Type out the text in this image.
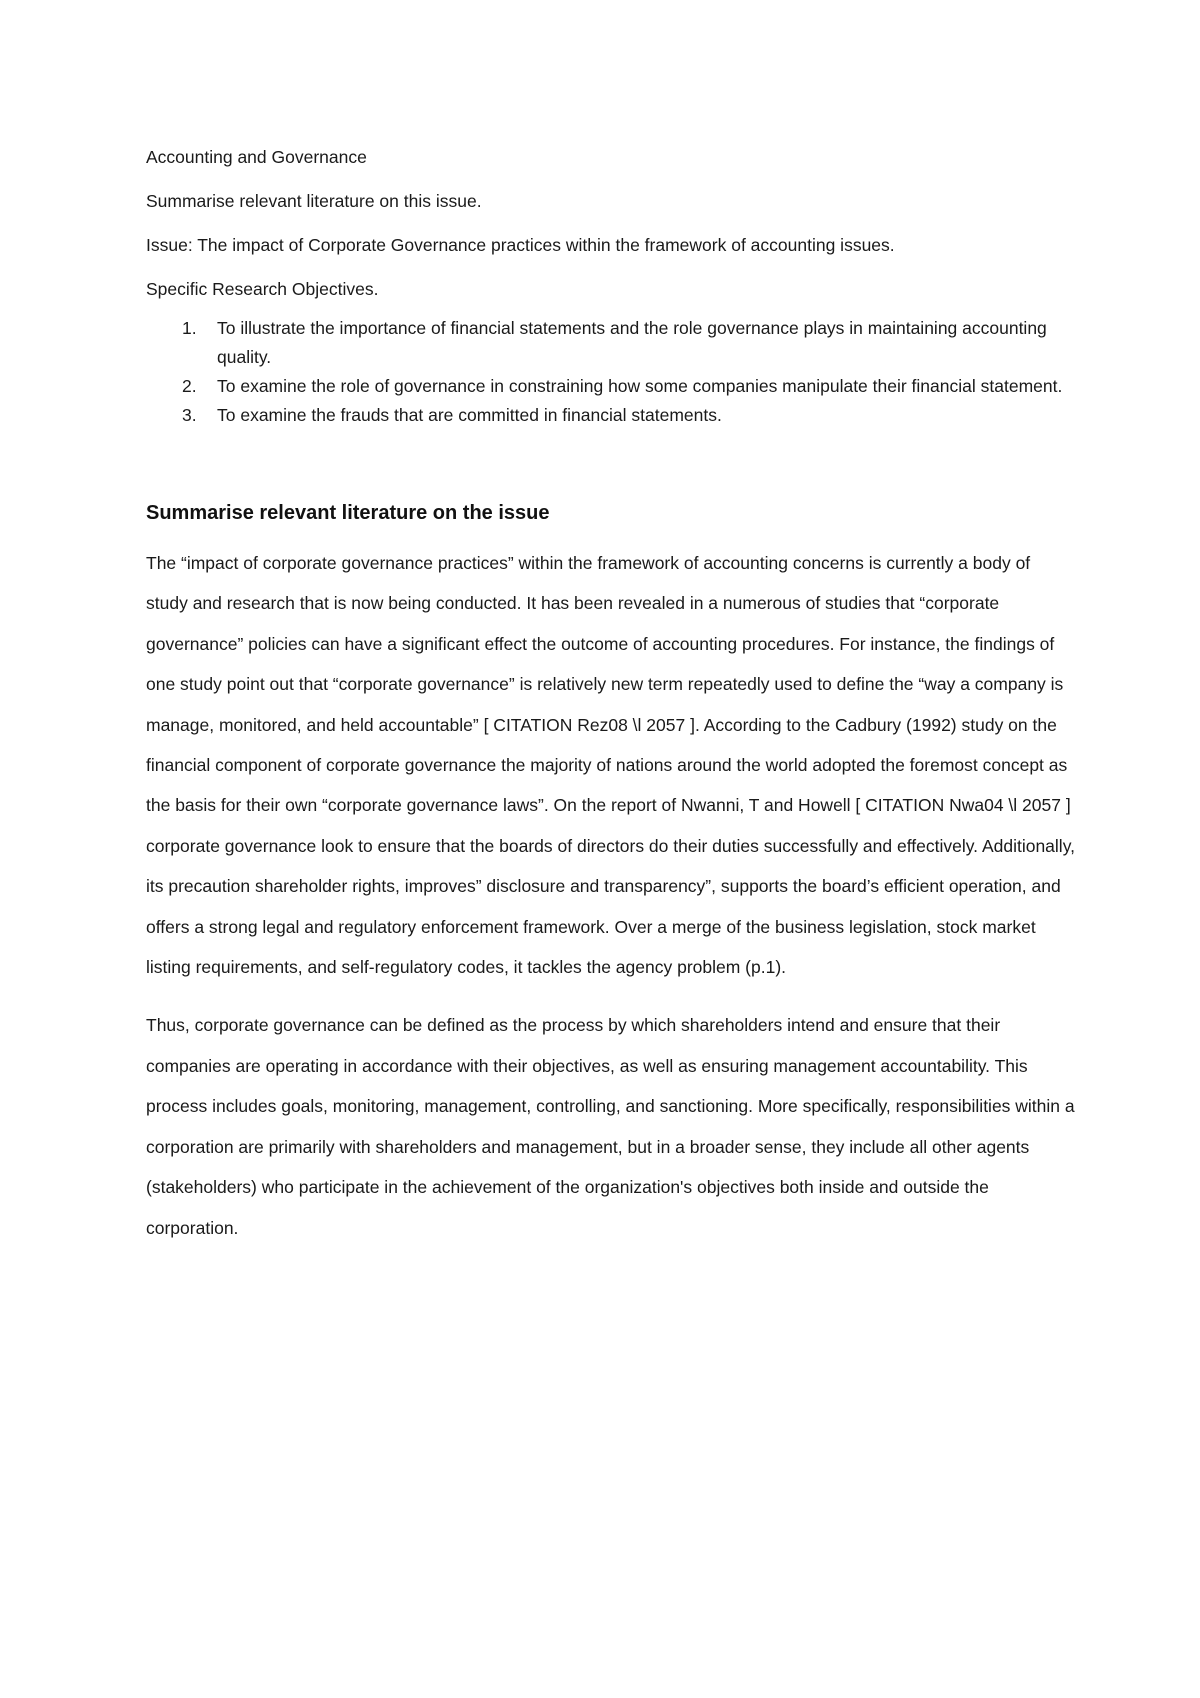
Accounting and Governance

Summarise relevant literature on this issue.

Issue: The impact of Corporate Governance practices within the framework of accounting issues.

Specific Research Objectives.

1. To illustrate the importance of financial statements and the role governance plays in maintaining accounting quality.
2. To examine the role of governance in constraining how some companies manipulate their financial statement.
3. To examine the frauds that are committed in financial statements.
Summarise relevant literature on the issue

The “impact of corporate governance practices” within the framework of accounting concerns is currently a body of study and research that is now being conducted. It has been revealed in a numerous of studies that “corporate governance” policies can have a significant effect the outcome of accounting procedures. For instance, the findings of one study point out that “corporate governance” is relatively new term repeatedly used to define the “way a company is manage, monitored, and held accountable” [ CITATION Rez08 \l 2057 ]. According to the Cadbury (1992) study on the financial component of corporate governance the majority of nations around the world adopted the foremost concept as the basis for their own “corporate governance laws”. On the report of Nwanni, T and Howell [ CITATION Nwa04 \l 2057 ] corporate governance look to ensure that the boards of directors do their duties successfully and effectively. Additionally, its precaution shareholder rights, improves” disclosure and transparency”, supports the board’s efficient operation, and offers a strong legal and regulatory enforcement framework. Over a merge of the business legislation, stock market listing requirements, and self-regulatory codes, it tackles the agency problem (p.1).

Thus, corporate governance can be defined as the process by which shareholders intend and ensure that their companies are operating in accordance with their objectives, as well as ensuring management accountability. This process includes goals, monitoring, management, controlling, and sanctioning. More specifically, responsibilities within a corporation are primarily with shareholders and management, but in a broader sense, they include all other agents (stakeholders) who participate in the achievement of the organization's objectives both inside and outside the corporation.
